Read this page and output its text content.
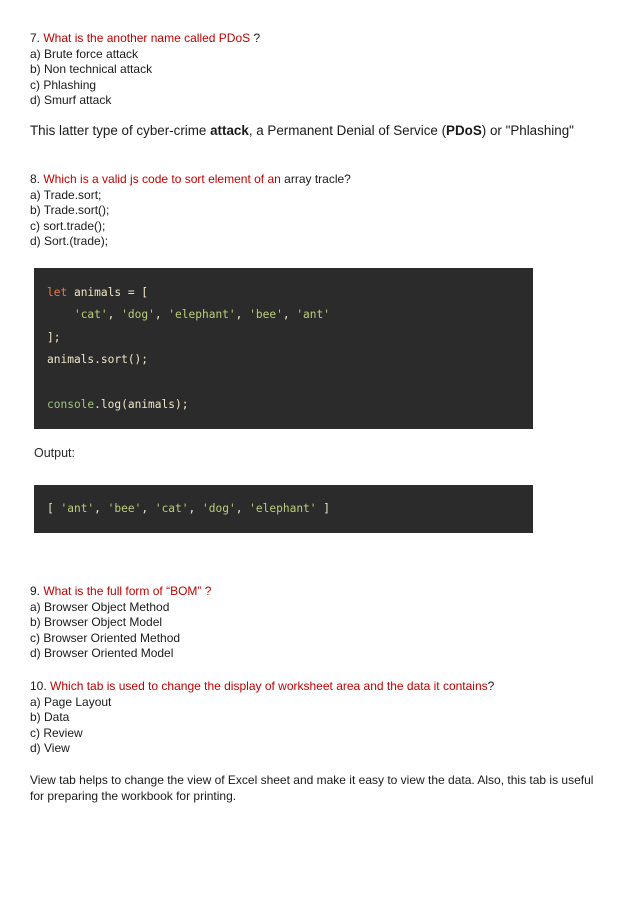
7. What is the another name called PDoS ?
a) Brute force attack
b) Non technical attack
c) Phlashing
d) Smurf attack
This latter type of cyber-crime attack, a Permanent Denial of Service (PDoS) or "Phlashing"
8. Which is a valid js code to sort element of an array tracle?
a) Trade.sort;
b) Trade.sort();
c) sort.trade();
d) Sort.(trade);
let animals = [
'cat', 'dog', 'elephant', 'bee', 'ant'
];
animals.sort();
console.log(animals);
Output:
[ 'ant', 'bee', 'cat', 'dog', 'elephant' ]
9. What is the full form of “BOM” ?
a) Browser Object Method
b) Browser Object Model
c) Browser Oriented Method
d) Browser Oriented Model
10. Which tab is used to change the display of worksheet area and the data it contains?
a) Page Layout
b) Data
c) Review
d) View
View tab helps to change the view of Excel sheet and make it easy to view the data. Also, this tab is useful for preparing the workbook for printing.
